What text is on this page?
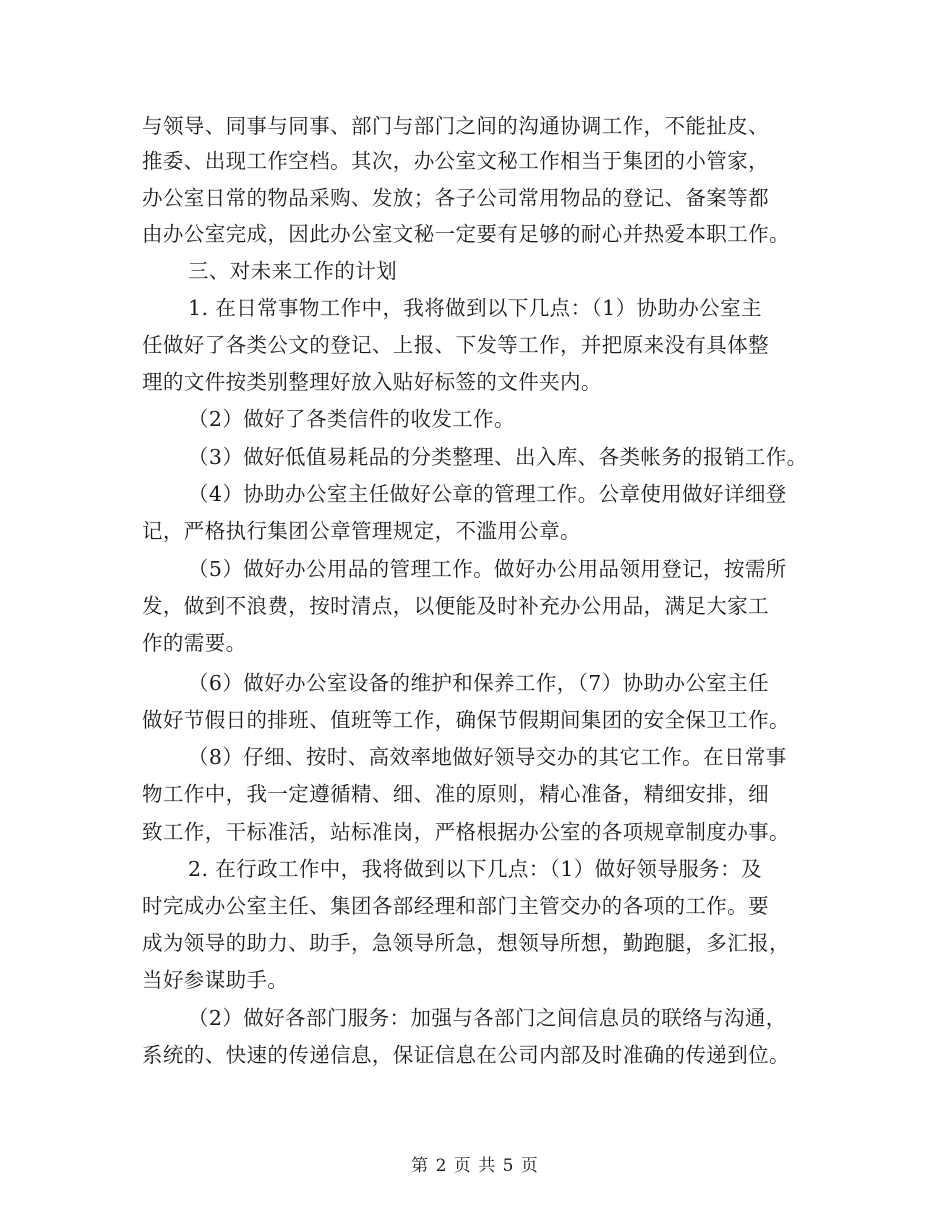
与领导、同事与同事、部门与部门之间的沟通协调工作，不能扯皮、
推委、出现工作空档。其次，办公室文秘工作相当于集团的小管家，
办公室日常的物品采购、发放；各子公司常用物品的登记、备案等都
由办公室完成，因此办公室文秘一定要有足够的耐心并热爱本职工作。
三、对未来工作的计划
1. 在日常事物工作中，我将做到以下几点：（1）协助办公室主
任做好了各类公文的登记、上报、下发等工作，并把原来没有具体整
理的文件按类别整理好放入贴好标签的文件夹内。
（2）做好了各类信件的收发工作。
（3）做好低值易耗品的分类整理、出入库、各类帐务的报销工作。
（4）协助办公室主任做好公章的管理工作。公章使用做好详细登
记，严格执行集团公章管理规定，不滥用公章。
（5）做好办公用品的管理工作。做好办公用品领用登记，按需所
发，做到不浪费，按时清点，以便能及时补充办公用品，满足大家工
作的需要。
（6）做好办公室设备的维护和保养工作，（7）协助办公室主任
做好节假日的排班、值班等工作，确保节假期间集团的安全保卫工作。
（8）仔细、按时、高效率地做好领导交办的其它工作。在日常事
物工作中，我一定遵循精、细、准的原则，精心准备，精细安排，细
致工作，干标准活，站标准岗，严格根据办公室的各项规章制度办事。
2. 在行政工作中，我将做到以下几点：（1）做好领导服务：及
时完成办公室主任、集团各部经理和部门主管交办的各项的工作。要
成为领导的助力、助手，急领导所急，想领导所想，勤跑腿，多汇报，
当好参谋助手。
（2）做好各部门服务：加强与各部门之间信息员的联络与沟通，
系统的、快速的传递信息，保证信息在公司内部及时准确的传递到位。
第 2 页 共 5 页
